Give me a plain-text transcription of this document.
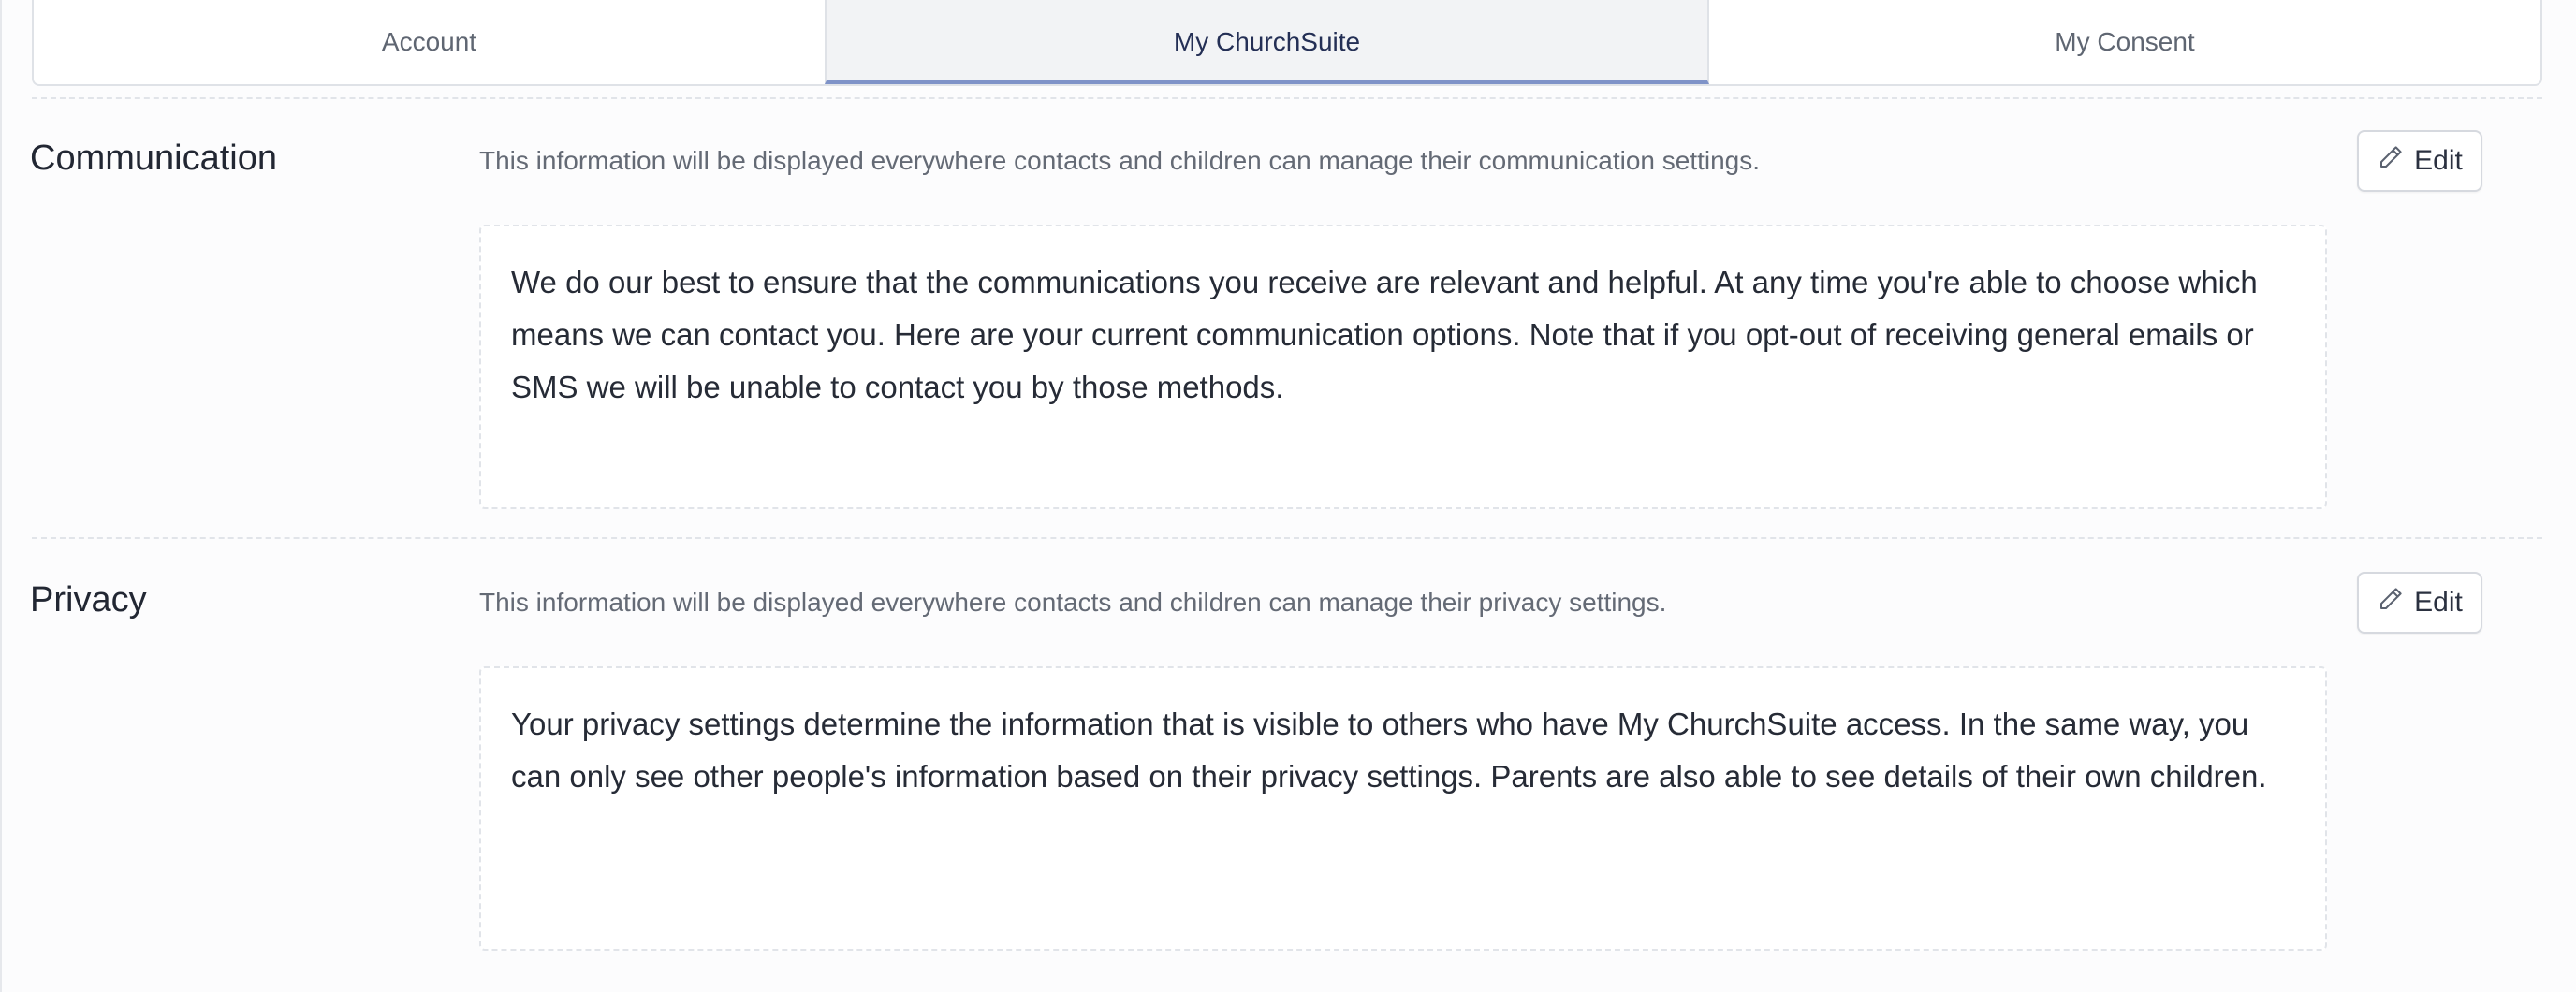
Account	My ChurchSuite	My Consent
Communication	This information will be displayed everywhere contacts and children can manage their communication settings.	Edit
We do our best to ensure that the communications you receive are relevant and helpful. At any time you're able to choose which means we can contact you. Here are your current communication options. Note that if you opt-out of receiving general emails or SMS we will be unable to contact you by those methods.
Privacy	This information will be displayed everywhere contacts and children can manage their privacy settings.	Edit
Your privacy settings determine the information that is visible to others who have My ChurchSuite access. In the same way, you can only see other people's information based on their privacy settings. Parents are also able to see details of their own children.
